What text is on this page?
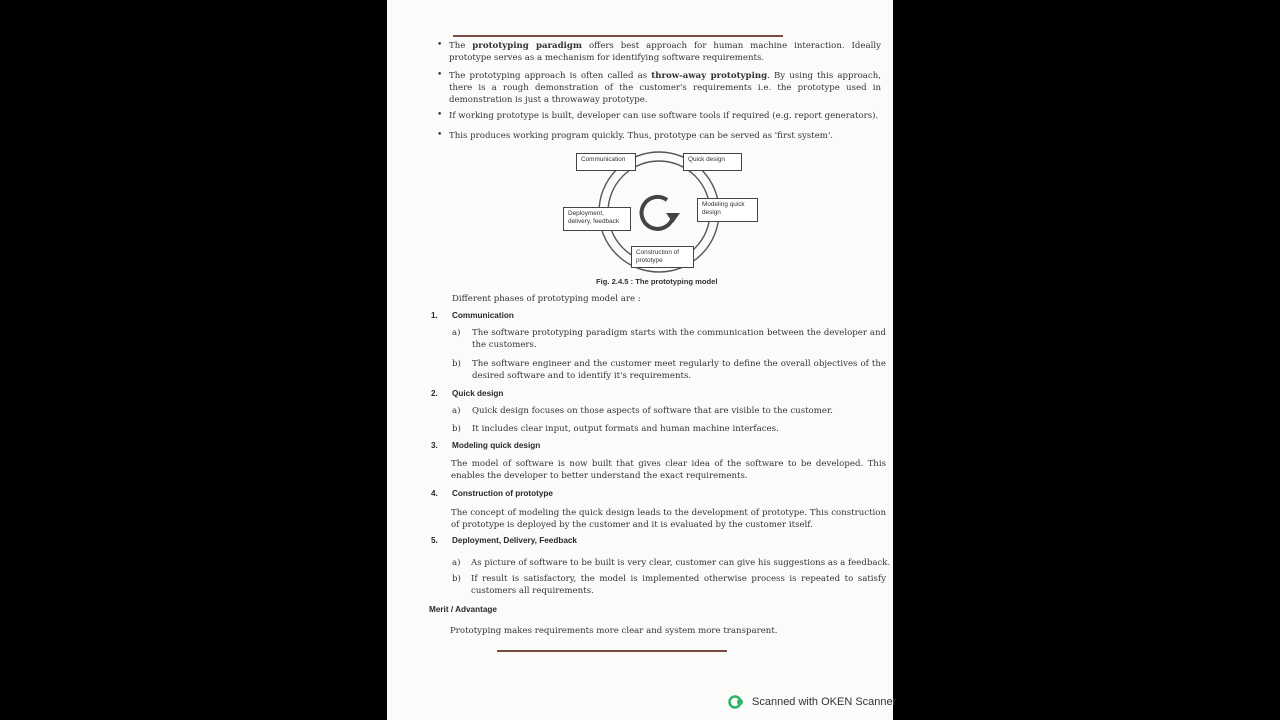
• The prototyping paradigm offers best approach for human machine interaction. Ideally prototype serves as a mechanism for identifying software requirements.
• The prototyping approach is often called as throw-away prototyping. By using this approach, there is a rough demonstration of the customer's requirements i.e. the prototype used in demonstration is just a throwaway prototype.
• If working prototype is built, developer can use software tools if required (e.g. report generators).
• This produces working program quickly. Thus, prototype can be served as 'first system'.
Communication	Quick design
Modeling quick design
Construction of prototype
Deployment, delivery, feedback
Fig. 2.4.5 : The prototyping model
Different phases of prototyping model are :
1. Communication
a) The software prototyping paradigm starts with the communication between the developer and the customers.
b) The software engineer and the customer meet regularly to define the overall objectives of the desired software and to identify it's requirements.
2. Quick design
a) Quick design focuses on those aspects of software that are visible to the customer.
b) It includes clear input, output formats and human machine interfaces.
3. Modeling quick design
The model of software is now built that gives clear idea of the software to be developed. This enables the developer to better understand the exact requirements.
4. Construction of prototype
The concept of modeling the quick design leads to the development of prototype. This construction of prototype is deployed by the customer and it is evaluated by the customer itself.
5. Deployment, Delivery, Feedback
a) As picture of software to be built is very clear, customer can give his suggestions as a feedback.
b) If result is satisfactory, the model is implemented otherwise process is repeated to satisfy customers all requirements.
Merit / Advantage
Prototyping makes requirements more clear and system more transparent.
Scanned with OKEN Scanner
